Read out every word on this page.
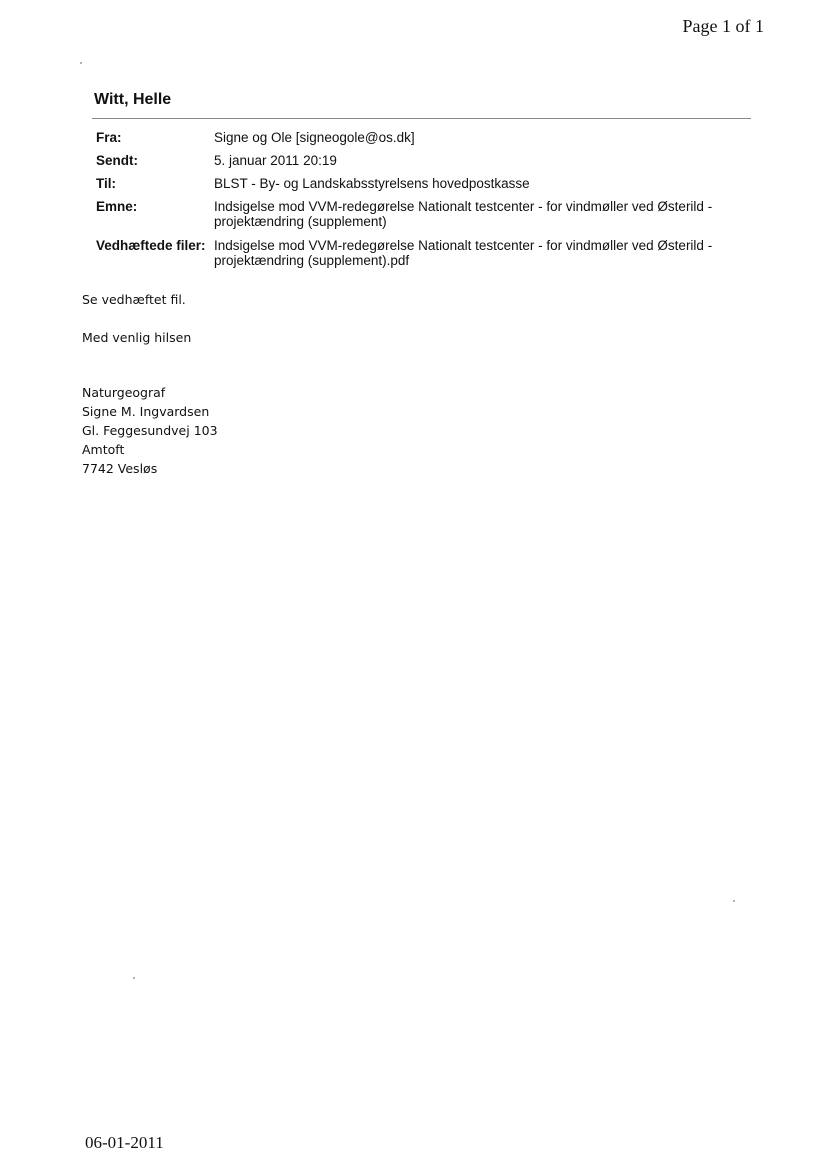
Page 1 of 1
Witt, Helle
Fra:	Signe og Ole [signeogole@os.dk]
Sendt:	5. januar 2011 20:19
Til:	BLST - By- og Landskabsstyrelsens hovedpostkasse
Emne:	Indsigelse mod VVM-redegørelse Nationalt testcenter - for vindmøller ved Østerild -
projektændring (supplement)

Vedhæftede filer:	Indsigelse mod VVM-redegørelse Nationalt testcenter - for vindmøller ved Østerild -
projektændring (supplement).pdf
Se vedhæftet fil.
Med venlig hilsen
Naturgeograf
Signe M. Ingvardsen
Gl. Feggesundvej 103
Amtoft
7742 Vesløs
06-01-2011
